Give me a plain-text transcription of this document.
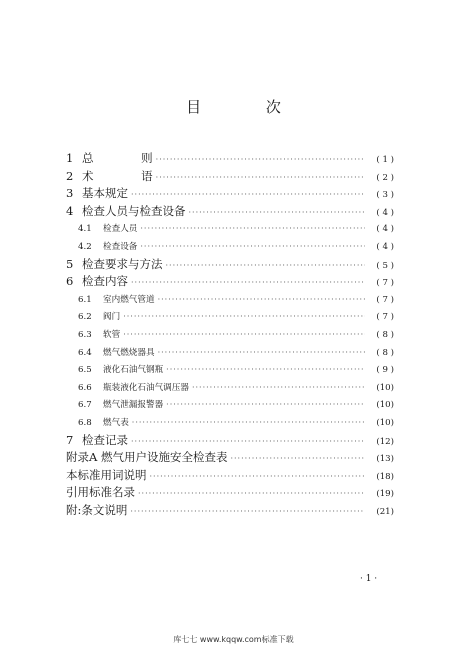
目 次
1 总 则 ·····	( 1 )
2 术 语 ·····	( 2 )
3 基本规定 ·····	( 3 )
4 检查人员与检查设备 ·····	( 4 )
4.1	检查人员 ·····	( 4 )
4.2	检查设备 ·····	( 4 )
5 检查要求与方法 ·····	( 5 )
6 检查内容 ·····	( 7 )
6.1	室内燃气管道 ·····	( 7 )
6.2	阀门 ·····	( 7 )
6.3	软管 ·····	( 8 )
6.4	燃气燃烧器具 ·····	( 8 )
6.5	液化石油气钢瓶 ·····	( 9 )
6.6	瓶装液化石油气调压器 ·····	(10)
6.7	燃气泄漏报警器 ·····	(10)
6.8	燃气表 ·····	(10)
7 检查记录 ·····	(12)
附录A 燃气用户设施安全检查表 ·····	(13)
本标准用词说明 ·····	(18)
引用标准名录 ·····	(19)
附:条文说明 ·····	(21)
· 1 ·
库七七 www.kqqw.com标准下载
